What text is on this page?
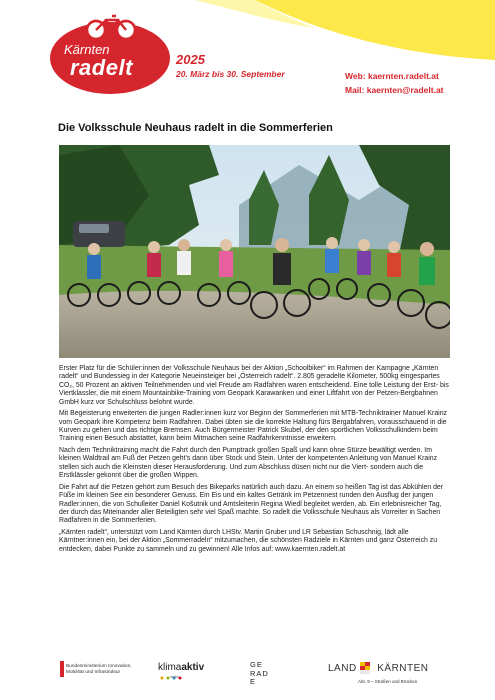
Kärnten
radelt	2025
20. März bis 30. September	Web: kaernten.radelt.at
Mail: kaernten@radelt.at
Die Volksschule Neuhaus radelt in die Sommerferien

Erster Platz für die Schüler:innen der Volksschule Neuhaus bei der Aktion „Schoolbiker“ im Rahmen der Kampagne „Kärnten radelt“ und Bundessieg in der Kategorie Neueinsteiger bei „Österreich radelt“. 2.805 geradelte Kilometer, 500kg eingespartes CO₂, 50 Prozent an aktiven Teilnehmenden und viel Freude am Radfahren waren entscheidend. Eine tolle Leistung der Erst- bis Viertklassler, die mit einem Mountainbike-Training vom Geopark Karawanken und einer Liftfahrt von der Petzen-Bergbahnen GmbH kurz vor Schulschluss belohnt wurde.

Mit Begeisterung erweiterten die jungen Radler:innen kurz vor Beginn der Sommerferien mit MTB-Techniktrainer Manuel Krainz vom Geopark ihre Kompetenz beim Radfahren. Dabei übten sie die korrekte Haltung fürs Bergabfahren, vorausschauend in die Kurven zu gehen und das richtige Bremsen. Auch Bürgermeister Patrick Skubel, der den sportlichen Volksschulkindern beim Training einen Besuch abstattet, kann beim Mitmachen seine Radfahrkenntnisse erweitern.

Nach dem Techniktraining macht die Fahrt durch den Pumptrack großen Spaß und kann ohne Stürze bewältigt werden. Im kleinen Waldtrail am Fuß der Petzen geht’s dann über Stock und Stein. Unter der kompetenten Anleitung von Manuel Krainz stellen sich auch die Kleinsten dieser Herausforderung. Und zum Abschluss düsen nicht nur die Viert- sondern auch die Erstklässler gekonnt über die großen Wippen.

Die Fahrt auf die Petzen gehört zum Besuch des Bikeparks natürlich auch dazu. An einem so heißen Tag ist das Abkühlen der Füße im kleinen See ein besonderer Genuss. Ein Eis und ein kaltes Getränk im Petzennest runden den Ausflug der jungen Radler:innen, die von Schulleiter Daniel Košutnik und Amtsleiterin Regina Wiedl begleitet werden, ab. Ein erlebnisreicher Tag, der durch das Miteinander aller Beteiligten sehr viel Spaß machte. So radelt die Volksschule Neuhaus als Vorreiter in Sachen Radfahren in die Sommerferien.

„Kärnten radelt“, unterstützt vom Land Kärnten durch LHStv. Martin Gruber und LR Sebastian Schuschnig, lädt alle Kärntner:innen ein, bei der Aktion „Sommerradeln“ mitzumachen, die schönsten Radziele in Kärnten und ganz Österreich zu entdecken, dabei Punkte zu sammeln und zu gewinnen! Alle Infos auf: www.kaernten.radelt.at

Bundesministerium Innovation, Mobilität und Infrastruktur	klimaaktiv
mobil
GE
RAD
E
LAND KÄRNTEN
Abt. 9 – Straßen und Brücken
